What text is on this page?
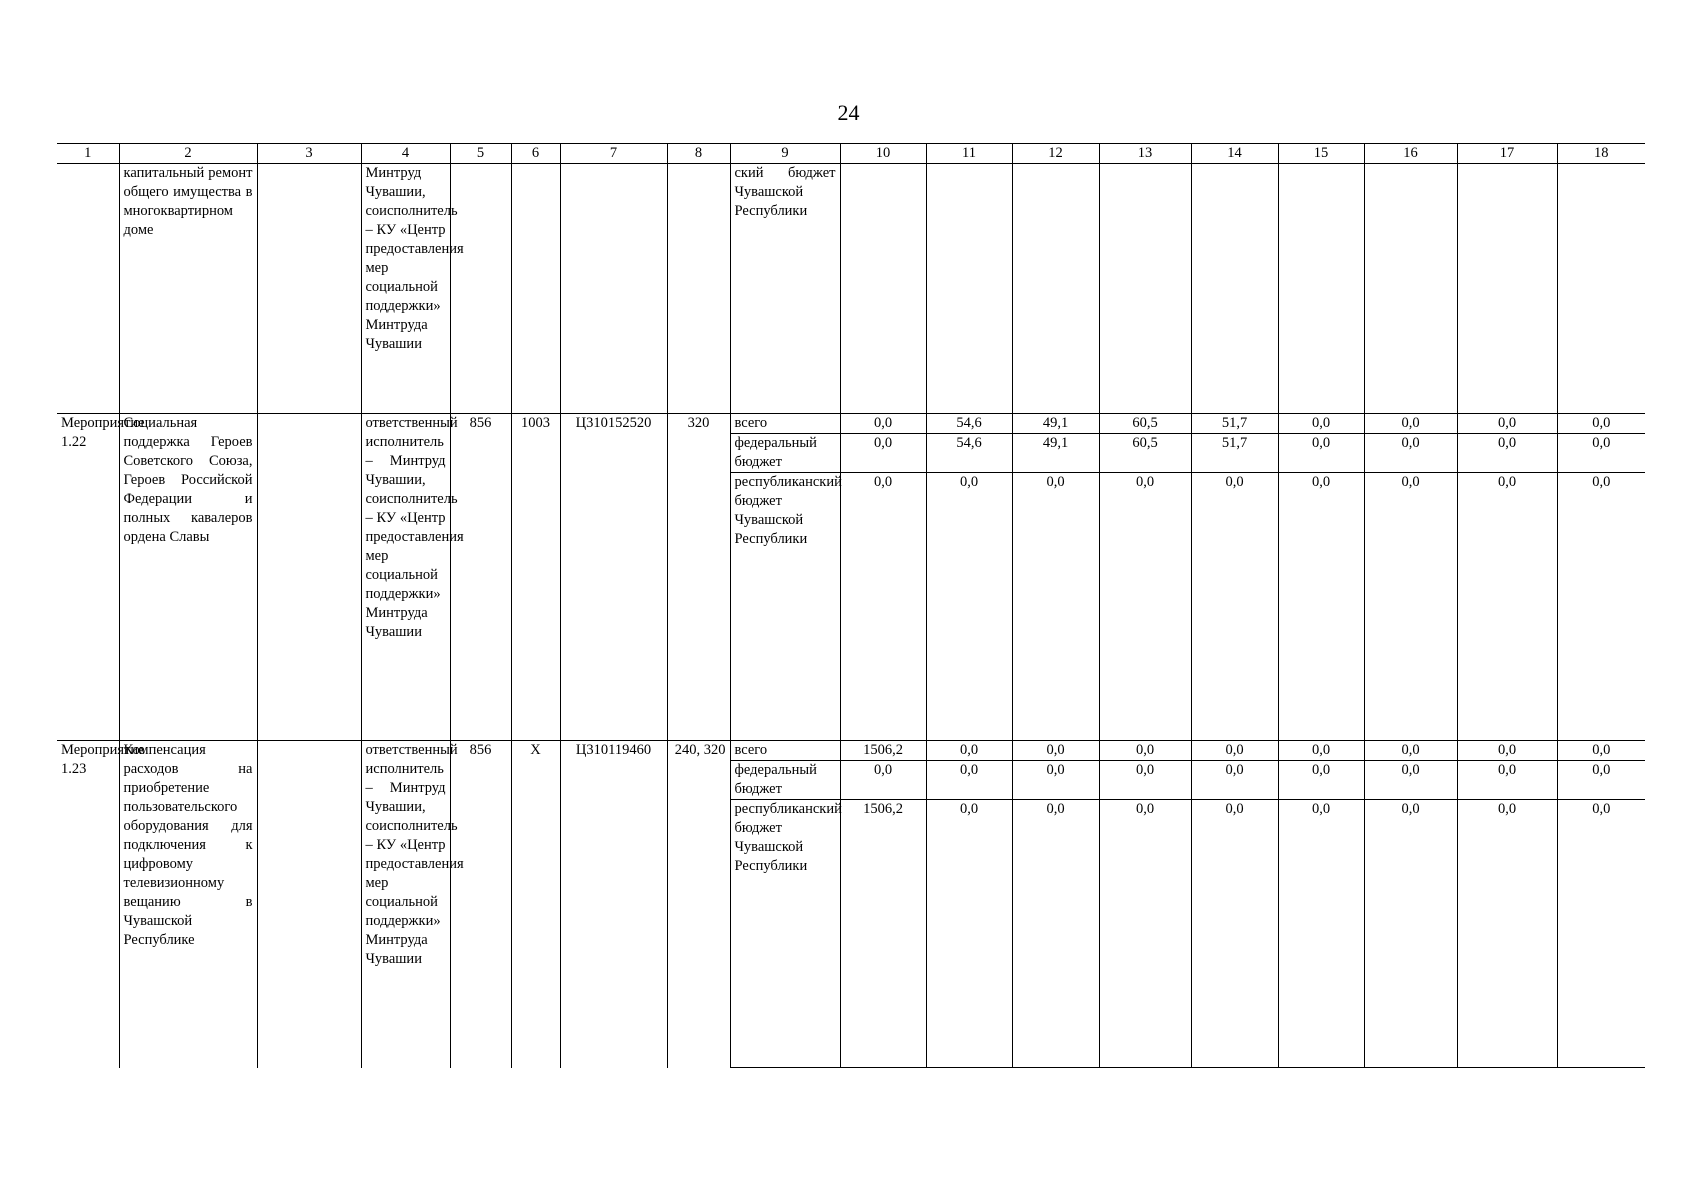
24
1	2	3	4	5	6	7	8	9	10	11	12	13	14	15	16	17	18
	капитальный ремонт общего имущества в многоквартирном доме		Минтруд Чувашии, соисполнитель – КУ «Центр предоставления мер социальной поддержки» Минтруда Чувашии					ский бюджет Чувашской Республики									
Мероприятие 1.22	Социальная поддержка Героев Советского Союза, Героев Российской Федерации и полных кавалеров ордена Славы		ответственный исполнитель – Минтруд Чувашии, соисполнитель – КУ «Центр предоставления мер социальной поддержки» Минтруда Чувашии	856	1003	Ц310152520	320	всего	0,0	54,6	49,1	60,5	51,7	0,0	0,0	0,0	0,0
								федеральный бюджет	0,0	54,6	49,1	60,5	51,7	0,0	0,0	0,0	0,0
								республиканский бюджет Чувашской Республики	0,0	0,0	0,0	0,0	0,0	0,0	0,0	0,0	0,0
Мероприятие 1.23	Компенсация расходов на приобретение пользовательского оборудования для подключения к цифровому телевизионному вещанию в Чувашской Республике		ответственный исполнитель – Минтруд Чувашии, соисполнитель – КУ «Центр предоставления мер социальной поддержки» Минтруда Чувашии	856	Х	Ц310119460	240, 320	всего	1506,2	0,0	0,0	0,0	0,0	0,0	0,0	0,0	0,0
								федеральный бюджет	0,0	0,0	0,0	0,0	0,0	0,0	0,0	0,0	0,0
								республиканский бюджет Чувашской Республики	1506,2	0,0	0,0	0,0	0,0	0,0	0,0	0,0	0,0
